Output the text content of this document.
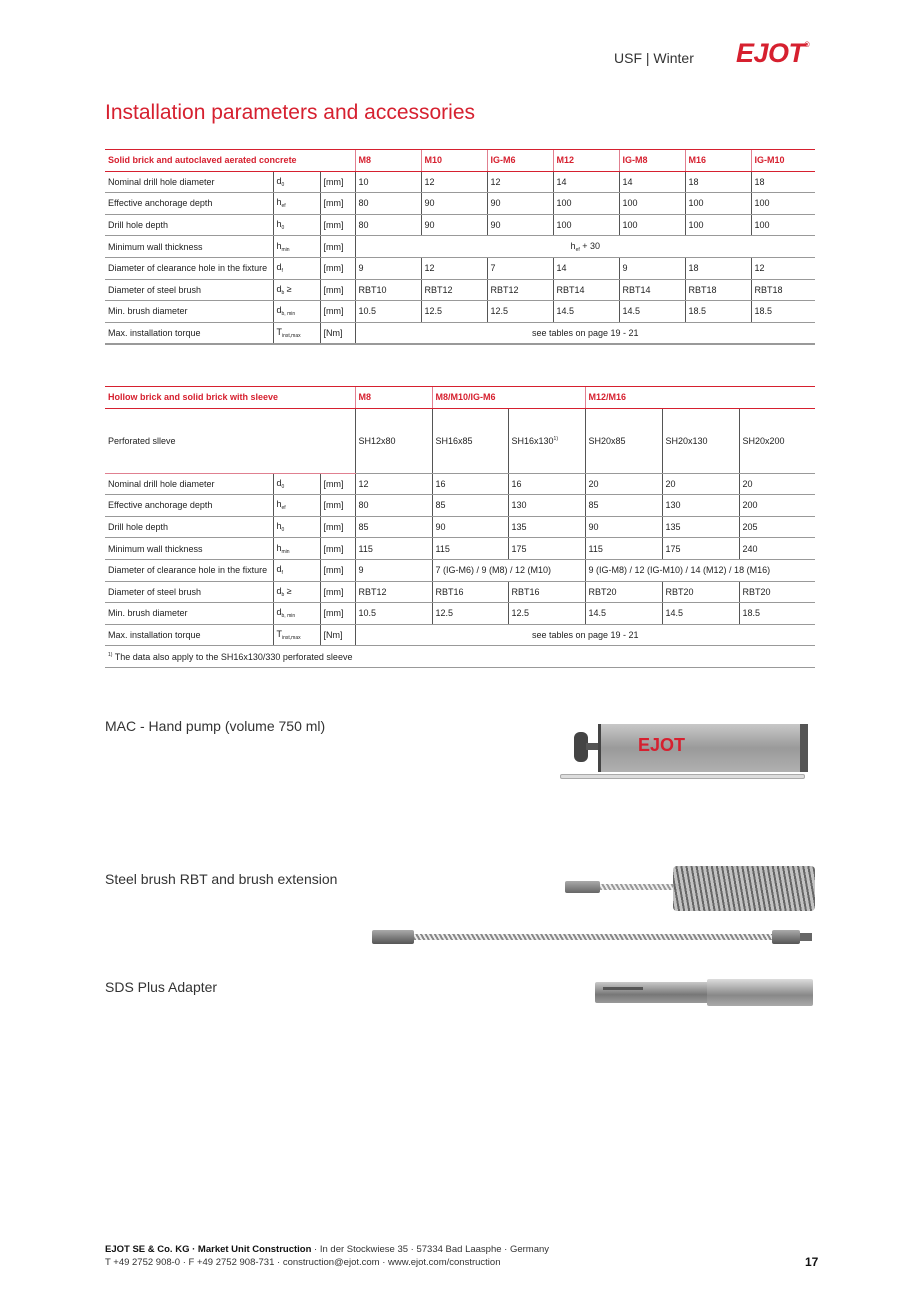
USF | Winter EJOT®
Installation parameters and accessories
Solid brick and autoclaved aerated concrete			M8	M10	IG-M6	M12	IG-M8	M16	IG-M10
Nominal drill hole diameter	$d_0$	[mm]	10	12	12	14	14	18	18
Effective anchorage depth	$h_{ef}$	[mm]	80	90	90	100	100	100	100
Drill hole depth	$h_0$	[mm]	80	90	90	100	100	100	100
Minimum wall thickness	$h_{min}$	[mm]	$h_{ef} + 30$						
Diameter of clearance hole in the fixture	$d_f$	[mm]	9	12	7	14	9	18	12
Diameter of steel brush	$d_b$ ≥	[mm]	RBT10	RBT12	RBT12	RBT14	RBT14	RBT18	RBT18
Min. brush diameter	$d_{b, min}$	[mm]	10.5	12.5	12.5	14.5	14.5	18.5	18.5
Max. installation torque	$T_{inst,max}$	[Nm]	see tables on page 19 - 21						
Hollow brick and solid brick with sleeve			M8	M8/M10/IG-M6		M12/M16		
Perforated slleve			SH12x80	SH16x85	SH16x130$^{1)}$	SH20x85	SH20x130	SH20x200
Nominal drill hole diameter	$d_0$	[mm]	12	16	16	20	20	20
Effective anchorage depth	$h_{ef}$	[mm]	80	85	130	85	130	200
Drill hole depth	$h_0$	[mm]	85	90	135	90	135	205
Minimum wall thickness	$h_{min}$	[mm]	115	115	175	115	175	240
Diameter of clearance hole in the fixture	$d_f$	[mm]	9	7 (IG-M6) / 9 (M8) / 12 (M10)		9 (IG-M8) / 12 (IG-M10) / 14 (M12) / 18 (M16)		
Diameter of steel brush	$d_b$ ≥	[mm]	RBT12	RBT16	RBT16	RBT20	RBT20	RBT20
Min. brush diameter	$d_{b, min}$	[mm]	10.5	12.5	12.5	14.5	14.5	18.5
Max. installation torque	$T_{inst,max}$	[Nm]	see tables on page 19 - 21					
$^{1)}$ The data also apply to the SH16x130/330 perforated sleeve								
MAC - Hand pump (volume 750 ml)
EJOT
Steel brush RBT and brush extension
SDS Plus Adapter
EJOT SE & Co. KG · Market Unit Construction · In der Stockwiese 35 · 57334 Bad Laasphe · Germany
T +49 2752 908-0 · F +49 2752 908-731 · construction@ejot.com · www.ejot.com/construction	17
